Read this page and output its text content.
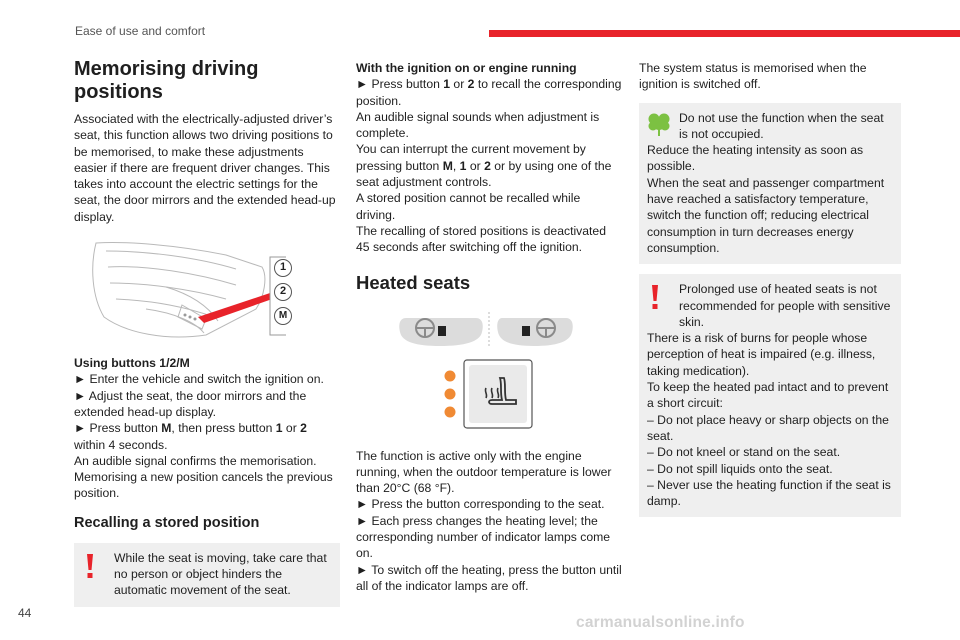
Ease of use and comfort
Memorising driving positions

Associated with the electrically-adjusted driver’s seat, this function allows two driving positions to be memorised, to make these adjustments easier if there are frequent driver changes. This takes into account the electric settings for the seat, the door mirrors and the extended head-up display.

1
2
M

Using buttons 1/2/M

► Enter the vehicle and switch the ignition on.

► Adjust the seat, the door mirrors and the extended head-up display.

► Press button M, then press button 1 or 2 within 4 seconds.

An audible signal confirms the memorisation.

Memorising a new position cancels the previous position.

Recalling a stored position

While the seat is moving, take care that no person or object hinders the automatic movement of the seat.

With the ignition on or engine running

► Press button 1 or 2 to recall the corresponding position.

An audible signal sounds when adjustment is complete.

You can interrupt the current movement by pressing button M, 1 or 2 or by using one of the seat adjustment controls.

A stored position cannot be recalled while driving.

The recalling of stored positions is deactivated 45 seconds after switching off the ignition.

Heated seats

The function is active only with the engine running, when the outdoor temperature is lower than 20°C (68 °F).

► Press the button corresponding to the seat.

► Each press changes the heating level; the corresponding number of indicator lamps come on.

► To switch off the heating, press the button until all of the indicator lamps are off.

The system status is memorised when the ignition is switched off.

Do not use the function when the seat is not occupied.

Reduce the heating intensity as soon as possible.

When the seat and passenger compartment have reached a satisfactory temperature, switch the function off; reducing electrical consumption in turn decreases energy consumption.

Prolonged use of heated seats is not recommended for people with sensitive skin.

There is a risk of burns for people whose perception of heat is impaired (e.g. illness, taking medication).

To keep the heated pad intact and to prevent a short circuit:

– Do not place heavy or sharp objects on the seat.

– Do not kneel or stand on the seat.

– Do not spill liquids onto the seat.

– Never use the heating function if the seat is damp.

44
carmanualsonline.info
